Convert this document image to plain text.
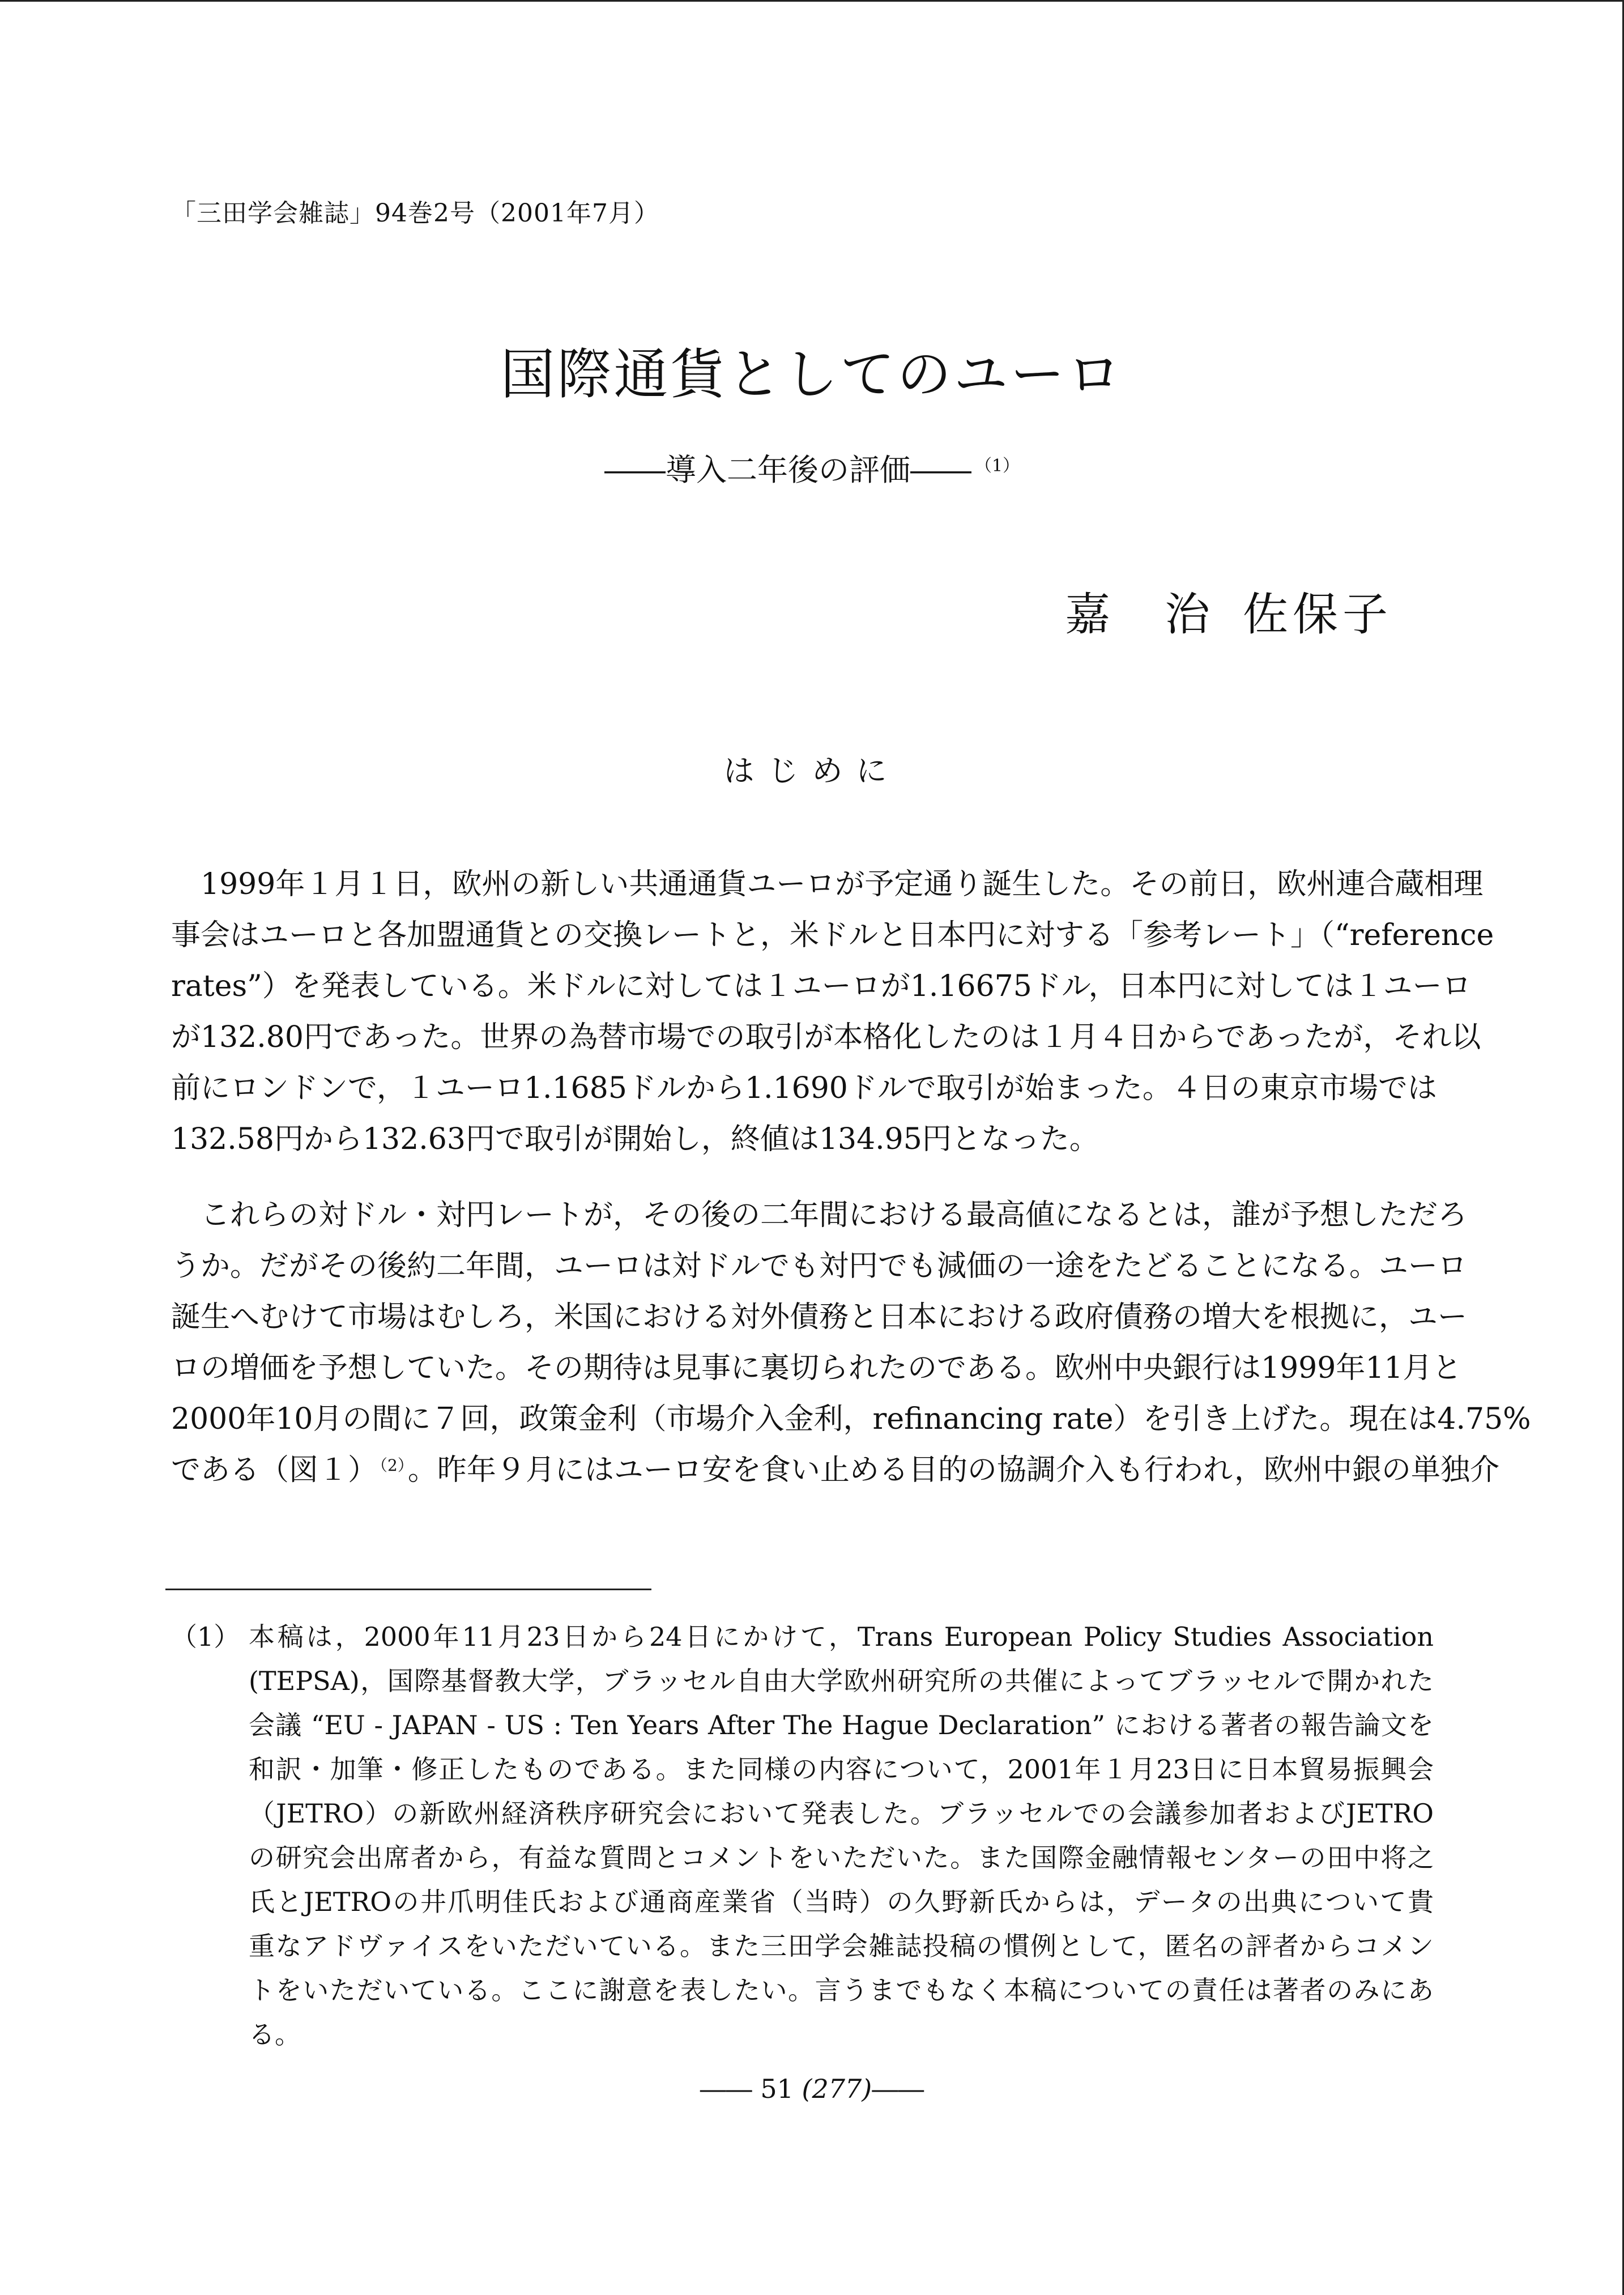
「三田学会雑誌」94巻2号（2001年7月）
国際通貨としてのユーロ
――導入二年後の評価―― $^{(1)}$
嘉　治 佐保子
はじめに
1999年１月１日，欧州の新しい共通通貨ユーロが予定通り誕生した。その前日，欧州連合蔵相理
事会はユーロと各加盟通貨との交換レートと，米ドルと日本円に対する「参考レート」（“reference
rates”）を発表している。米ドルに対しては１ユーロが1.16675ドル，日本円に対しては１ユーロ
が132.80円であった。世界の為替市場での取引が本格化したのは１月４日からであったが，それ以
前にロンドンで，１ユーロ1.1685ドルから1.1690ドルで取引が始まった。４日の東京市場では
132.58円から132.63円で取引が開始し，終値は134.95円となった。
これらの対ドル・対円レートが，その後の二年間における最高値になるとは，誰が予想しただろ
うか。だがその後約二年間，ユーロは対ドルでも対円でも減価の一途をたどることになる。ユーロ
誕生へむけて市場はむしろ，米国における対外債務と日本における政府債務の増大を根拠に，ユー
ロの増価を予想していた。その期待は見事に裏切られたのである。欧州中央銀行は1999年11月と
2000年10月の間に７回，政策金利（市場介入金利，refinancing rate）を引き上げた。現在は4.75%
である（図１） $^{(2)}$。昨年９月にはユーロ安を食い止める目的の協調介入も行われ，欧州中銀の単独介
（1） 本稿は，2000年11月23日から24日にかけて，Trans European Policy Studies Association
(TEPSA)，国際基督教大学，ブラッセル自由大学欧州研究所の共催によってブラッセルで開かれた
会議 “EU - JAPAN - US : Ten Years After The Hague Declaration” における著者の報告論文を
和訳・加筆・修正したものである。また同様の内容について，2001年１月23日に日本貿易振興会
（JETRO）の新欧州経済秩序研究会において発表した。ブラッセルでの会議参加者およびJETRO
の研究会出席者から，有益な質問とコメントをいただいた。また国際金融情報センターの田中将之
氏とJETROの井爪明佳氏および通商産業省（当時）の久野新氏からは，データの出典について貴
重なアドヴァイスをいただいている。また三田学会雑誌投稿の慣例として，匿名の評者からコメン
トをいただいている。ここに謝意を表したい。言うまでもなく本稿についての責任は著者のみにあ
る。
―― 51 (277)――
